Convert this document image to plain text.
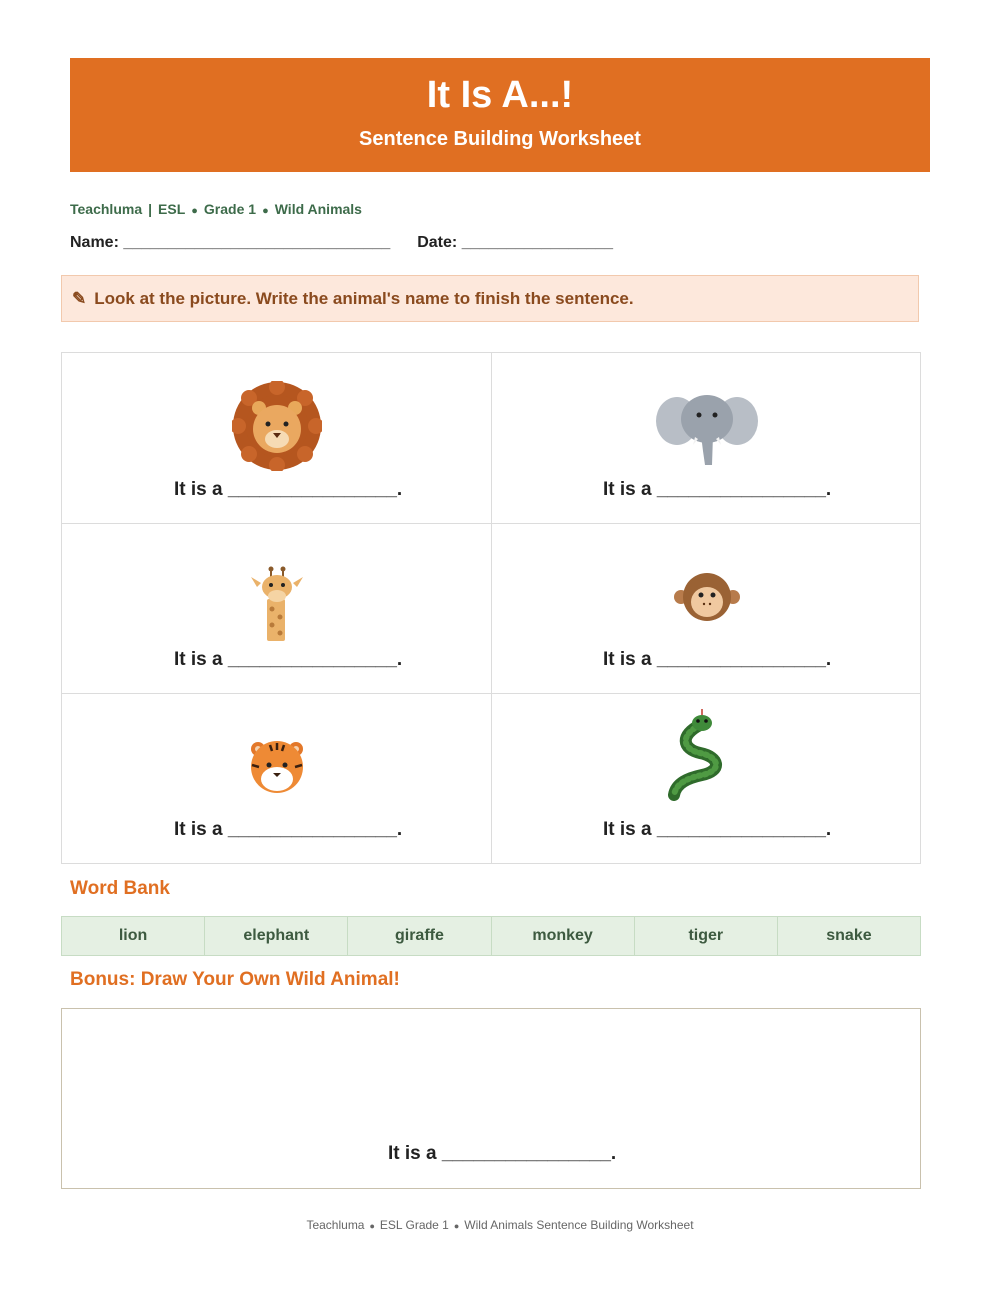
It Is A...!
Sentence Building Worksheet
Teachluma | ESL ● Grade 1 ● Wild Animals
Name: ______________________________ Date: _________________
✎ Look at the picture. Write the animal's name to finish the sentence.
It is a ________________.	It is a ________________.
It is a ________________.	It is a ________________.
It is a ________________.	It is a ________________.
Word Bank
lion	elephant	giraffe	monkey	tiger	snake
Bonus: Draw Your Own Wild Animal!
It is a ________________.
Teachluma ● ESL Grade 1 ● Wild Animals Sentence Building Worksheet
